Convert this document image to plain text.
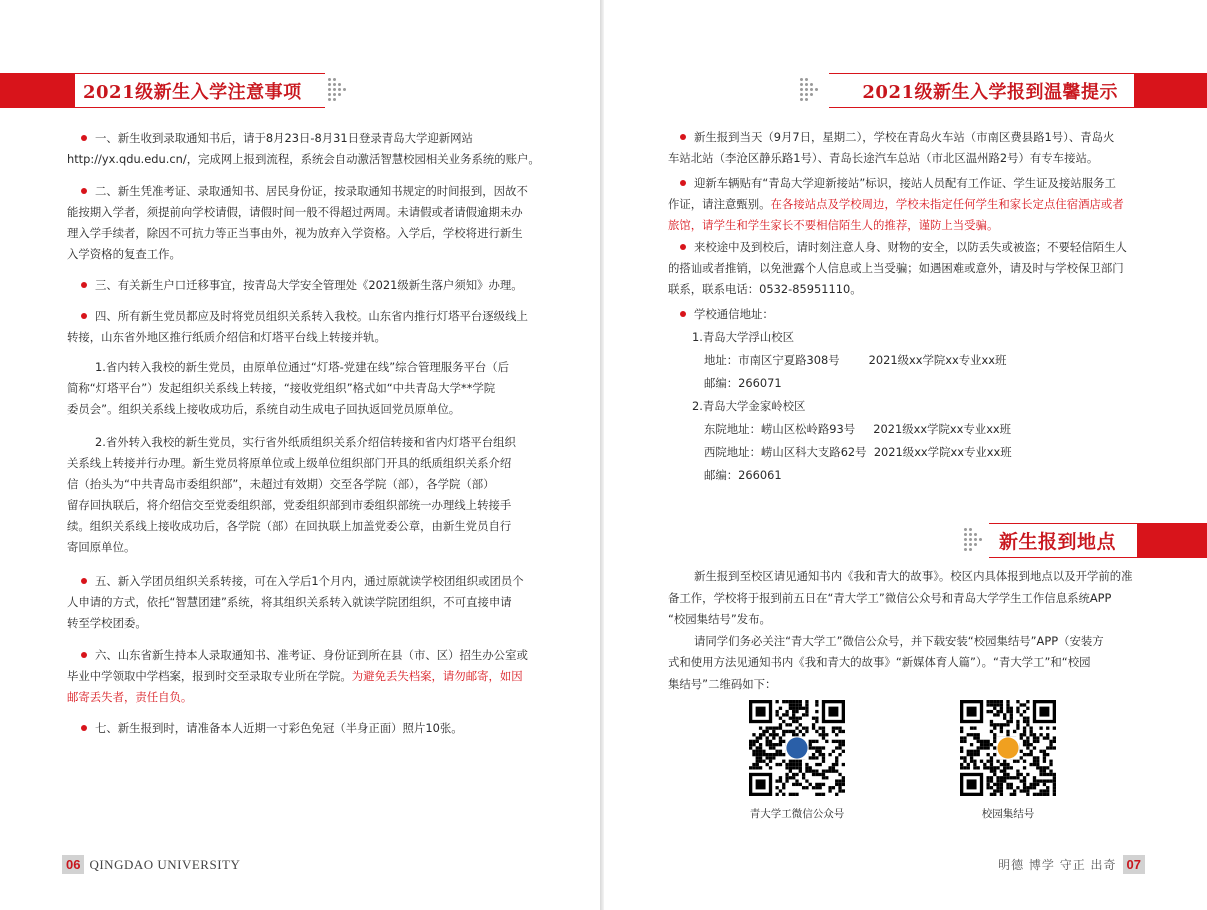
2021级新生入学注意事项
一、新生收到录取通知书后，请于8月23日-8月31日登录青岛大学迎新网站
http://yx.qdu.edu.cn/，完成网上报到流程，系统会自动激活智慧校园相关业务系统的账户。
二、新生凭准考证、录取通知书、居民身份证，按录取通知书规定的时间报到，因故不
能按期入学者，须提前向学校请假，请假时间一般不得超过两周。未请假或者请假逾期未办
理入学手续者，除因不可抗力等正当事由外，视为放弃入学资格。入学后，学校将进行新生
入学资格的复查工作。
三、有关新生户口迁移事宜，按青岛大学安全管理处《2021级新生落户须知》办理。
四、所有新生党员都应及时将党员组织关系转入我校。山东省内推行灯塔平台逐级线上
转接，山东省外地区推行纸质介绍信和灯塔平台线上转接并轨。
1.省内转入我校的新生党员，由原单位通过“灯塔-党建在线”综合管理服务平台（后
简称“灯塔平台”）发起组织关系线上转接，“接收党组织”格式如“中共青岛大学**学院
委员会”。组织关系线上接收成功后，系统自动生成电子回执返回党员原单位。
2.省外转入我校的新生党员，实行省外纸质组织关系介绍信转接和省内灯塔平台组织
关系线上转接并行办理。新生党员将原单位或上级单位组织部门开具的纸质组织关系介绍
信（抬头为“中共青岛市委组织部”，未超过有效期）交至各学院（部），各学院（部）
留存回执联后，将介绍信交至党委组织部，党委组织部到市委组织部统一办理线上转接手
续。组织关系线上接收成功后，各学院（部）在回执联上加盖党委公章，由新生党员自行
寄回原单位。
五、新入学团员组织关系转接，可在入学后1个月内，通过原就读学校团组织或团员个
人申请的方式，依托“智慧团建”系统，将其组织关系转入就读学院团组织，不可直接申请
转至学校团委。
六、山东省新生持本人录取通知书、准考证、身份证到所在县（市、区）招生办公室或
毕业中学领取中学档案，报到时交至录取专业所在学院。为避免丢失档案，请勿邮寄，如因
邮寄丢失者，责任自负。
七、新生报到时，请准备本人近期一寸彩色免冠（半身正面）照片10张。
06 QINGDAO UNIVERSITY
2021级新生入学报到温馨提示
新生报到当天（9月7日，星期二），学校在青岛火车站（市南区费县路1号）、青岛火
车站北站（李沧区静乐路1号）、青岛长途汽车总站（市北区温州路2号）有专车接站。
迎新车辆贴有“青岛大学迎新接站”标识，接站人员配有工作证、学生证及接站服务工
作证，请注意甄别。在各接站点及学校周边，学校未指定任何学生和家长定点住宿酒店或者
旅馆，请学生和学生家长不要相信陌生人的推荐，谨防上当受骗。
来校途中及到校后，请时刻注意人身、财物的安全，以防丢失或被盗；不要轻信陌生人
的搭讪或者推销，以免泄露个人信息或上当受骗；如遇困难或意外，请及时与学校保卫部门
联系，联系电话：0532-85951110。
学校通信地址：
1.青岛大学浮山校区
地址：市南区宁夏路308号        2021级xx学院xx专业xx班
邮编：266071
2.青岛大学金家岭校区
东院地址：崂山区松岭路93号     2021级xx学院xx专业xx班
西院地址：崂山区科大支路62号  2021级xx学院xx专业xx班
邮编：266061
新生报到地点
新生报到至校区请见通知书内《我和青大的故事》。校区内具体报到地点以及开学前的准
备工作，学校将于报到前五日在“青大学工”微信公众号和青岛大学学生工作信息系统APP
“校园集结号”发布。
请同学们务必关注“青大学工”微信公众号，并下载安装“校园集结号”APP（安装方
式和使用方法见通知书内《我和青大的故事》“新媒体育人篇”）。“青大学工”和“校园
集结号”二维码如下：
青大学工微信公众号	校园集结号
明德 博学 守正 出奇 07
